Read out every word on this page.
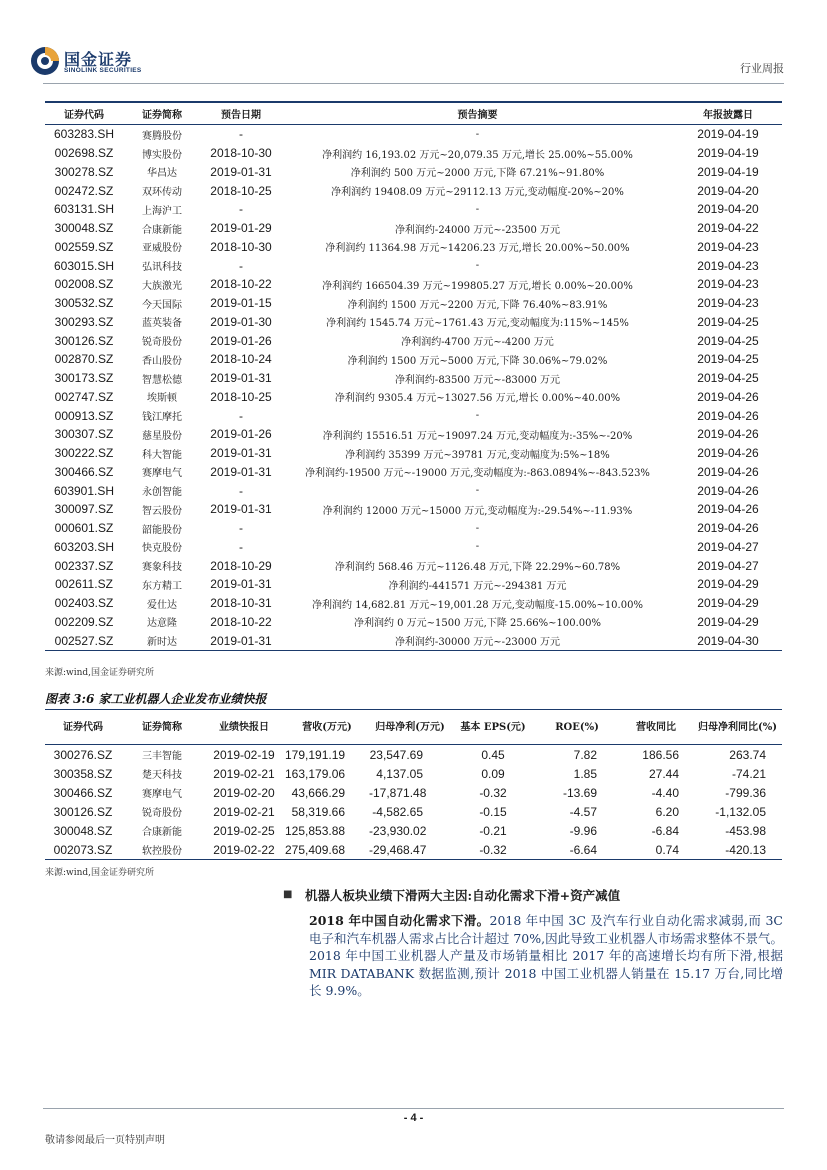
国金证券
SINOLINK SECURITIES	行业周报
证券代码	证券简称	预告日期	预告摘要	年报披露日
603283.SH	赛腾股份	-	-	2019-04-19
002698.SZ	博实股份	2018-10-30	净利润约 16,193.02 万元~20,079.35 万元,增长 25.00%~55.00%	2019-04-19
300278.SZ	华昌达	2019-01-31	净利润约 500 万元~2000 万元,下降 67.21%~91.80%	2019-04-19
002472.SZ	双环传动	2018-10-25	净利润约 19408.09 万元~29112.13 万元,变动幅度-20%~20%	2019-04-20
603131.SH	上海沪工	-	-	2019-04-20
300048.SZ	合康新能	2019-01-29	净利润约-24000 万元~-23500 万元	2019-04-22
002559.SZ	亚威股份	2018-10-30	净利润约 11364.98 万元~14206.23 万元,增长 20.00%~50.00%	2019-04-23
603015.SH	弘讯科技	-	-	2019-04-23
002008.SZ	大族激光	2018-10-22	净利润约 166504.39 万元~199805.27 万元,增长 0.00%~20.00%	2019-04-23
300532.SZ	今天国际	2019-01-15	净利润约 1500 万元~2200 万元,下降 76.40%~83.91%	2019-04-23
300293.SZ	蓝英装备	2019-01-30	净利润约 1545.74 万元~1761.43 万元,变动幅度为:115%~145%	2019-04-25
300126.SZ	锐奇股份	2019-01-26	净利润约-4700 万元~-4200 万元	2019-04-25
002870.SZ	香山股份	2018-10-24	净利润约 1500 万元~5000 万元,下降 30.06%~79.02%	2019-04-25
300173.SZ	智慧松德	2019-01-31	净利润约-83500 万元~-83000 万元	2019-04-25
002747.SZ	埃斯顿	2018-10-25	净利润约 9305.4 万元~13027.56 万元,增长 0.00%~40.00%	2019-04-26
000913.SZ	钱江摩托	-	-	2019-04-26
300307.SZ	慈星股份	2019-01-26	净利润约 15516.51 万元~19097.24 万元,变动幅度为:-35%~-20%	2019-04-26
300222.SZ	科大智能	2019-01-31	净利润约 35399 万元~39781 万元,变动幅度为:5%~18%	2019-04-26
300466.SZ	赛摩电气	2019-01-31	净利润约-19500 万元~-19000 万元,变动幅度为:-863.0894%~-843.523%	2019-04-26
603901.SH	永创智能	-	-	2019-04-26
300097.SZ	智云股份	2019-01-31	净利润约 12000 万元~15000 万元,变动幅度为:-29.54%~-11.93%	2019-04-26
000601.SZ	韶能股份	-	-	2019-04-26
603203.SH	快克股份	-	-	2019-04-27
002337.SZ	赛象科技	2018-10-29	净利润约 568.46 万元~1126.48 万元,下降 22.29%~60.78%	2019-04-27
002611.SZ	东方精工	2019-01-31	净利润约-441571 万元~-294381 万元	2019-04-29
002403.SZ	爱仕达	2018-10-31	净利润约 14,682.81 万元~19,001.28 万元,变动幅度-15.00%~10.00%	2019-04-29
002209.SZ	达意隆	2018-10-22	净利润约 0 万元~1500 万元,下降 25.66%~100.00%	2019-04-29
002527.SZ	新时达	2019-01-31	净利润约-30000 万元~-23000 万元	2019-04-30
来源:wind,国金证券研究所
图表 3:6 家工业机器人企业发布业绩快报
证券代码	证券简称	业绩快报日	营收(万元)	归母净利(万元)	基本 EPS(元)	ROE(%)	营收同比	归母净利同比(%)
300276.SZ	三丰智能	2019-02-19	179,191.19	23,547.69	0.45	7.82	186.56	263.74
300358.SZ	楚天科技	2019-02-21	163,179.06	4,137.05	0.09	1.85	27.44	-74.21
300466.SZ	赛摩电气	2019-02-20	43,666.29	-17,871.48	-0.32	-13.69	-4.40	-799.36
300126.SZ	锐奇股份	2019-02-21	58,319.66	-4,582.65	-0.15	-4.57	6.20	-1,132.05
300048.SZ	合康新能	2019-02-25	125,853.88	-23,930.02	-0.21	-9.96	-6.84	-453.98
002073.SZ	软控股份	2019-02-22	275,409.68	-29,468.47	-0.32	-6.64	0.74	-420.13
来源:wind,国金证券研究所
■ 机器人板块业绩下滑两大主因:自动化需求下滑+资产减值
2018 年中国自动化需求下滑。2018 年中国 3C 及汽车行业自动化需求减弱,而 3C 电子和汽车机器人需求占比合计超过 70%,因此导致工业机器人市场需求整体不景气。2018 年中国工业机器人产量及市场销量相比 2017 年的高速增长均有所下滑,根据 MIR DATABANK 数据监测,预计 2018 中国工业机器人销量在 15.17 万台,同比增长 9.9%。
- 4 -
敬请参阅最后一页特别声明
